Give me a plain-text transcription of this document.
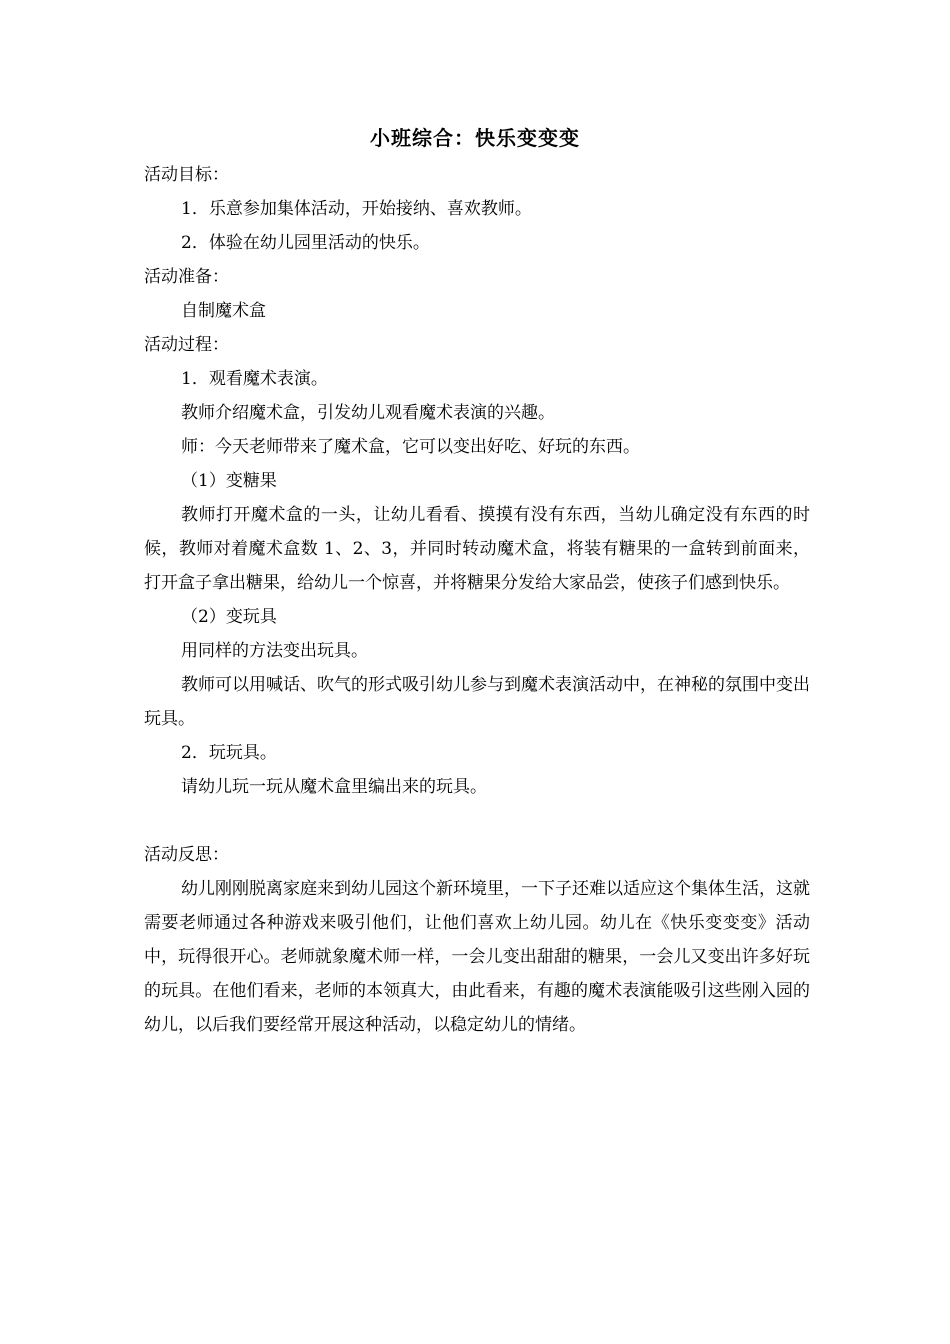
小班综合：快乐变变变

活动目标：

1．乐意参加集体活动，开始接纳、喜欢教师。

2．体验在幼儿园里活动的快乐。

活动准备：

自制魔术盒

活动过程：

1．观看魔术表演。

教师介绍魔术盒，引发幼儿观看魔术表演的兴趣。

师：今天老师带来了魔术盒，它可以变出好吃、好玩的东西。

（1）变糖果

教师打开魔术盒的一头，让幼儿看看、摸摸有没有东西，当幼儿确定没有东西的时候，教师对着魔术盒数 1、2、3，并同时转动魔术盒，将装有糖果的一盒转到前面来，打开盒子拿出糖果，给幼儿一个惊喜，并将糖果分发给大家品尝，使孩子们感到快乐。

（2）变玩具

用同样的方法变出玩具。

教师可以用喊话、吹气的形式吸引幼儿参与到魔术表演活动中，在神秘的氛围中变出玩具。

2．玩玩具。

请幼儿玩一玩从魔术盒里编出来的玩具。

活动反思：

幼儿刚刚脱离家庭来到幼儿园这个新环境里，一下子还难以适应这个集体生活，这就需要老师通过各种游戏来吸引他们，让他们喜欢上幼儿园。幼儿在《快乐变变变》活动中，玩得很开心。老师就象魔术师一样，一会儿变出甜甜的糖果，一会儿又变出许多好玩的玩具。在他们看来，老师的本领真大，由此看来，有趣的魔术表演能吸引这些刚入园的幼儿，以后我们要经常开展这种活动，以稳定幼儿的情绪。
